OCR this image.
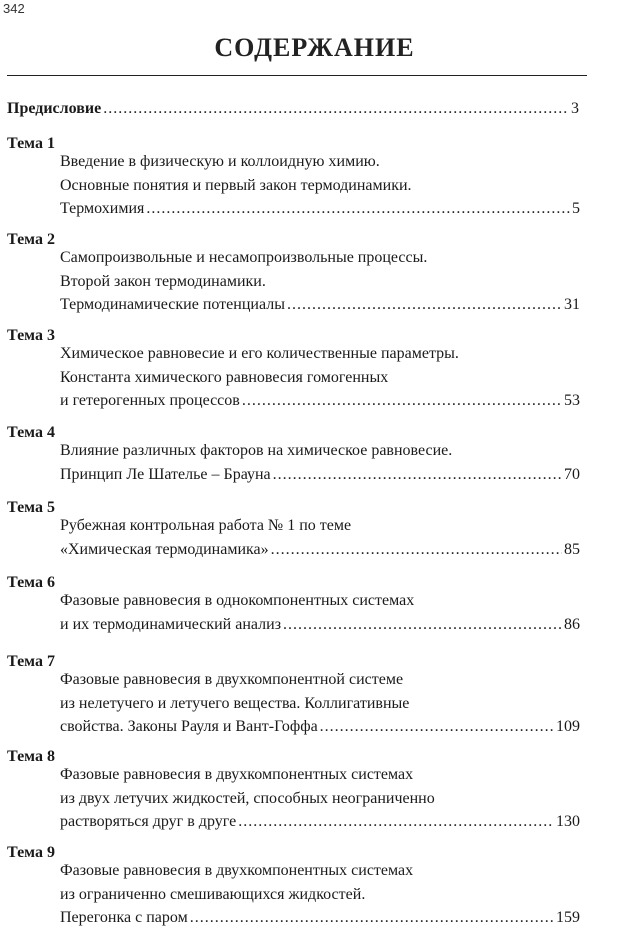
342
СОДЕРЖАНИЕ
Предисловие .....	3
Тема 1
Введение в физическую и коллоидную химию.
Основные понятия и первый закон термодинамики.
Термохимия .....	5
Тема 2
Самопроизвольные и несамопроизвольные процессы.
Второй закон термодинамики.
Термодинамические потенциалы .....	31
Тема 3
Химическое равновесие и его количественные параметры.
Константа химического равновесия гомогенных
и гетерогенных процессов .....	53
Тема 4
Влияние различных факторов на химическое равновесие.
Принцип Ле Шателье – Брауна .....	70
Тема 5
Рубежная контрольная работа № 1 по теме
«Химическая термодинамика» .....	85
Тема 6
Фазовые равновесия в однокомпонентных системах
и их термодинамический анализ .....	86
Тема 7
Фазовые равновесия в двухкомпонентной системе
из нелетучего и летучего вещества. Коллигативные
свойства. Законы Рауля и Вант-Гоффа .....	109
Тема 8
Фазовые равновесия в двухкомпонентных системах
из двух летучих жидкостей, способных неограниченно
растворяться друг в друге .....	130
Тема 9
Фазовые равновесия в двухкомпонентных системах
из ограниченно смешивающихся жидкостей.
Перегонка с паром .....	159
